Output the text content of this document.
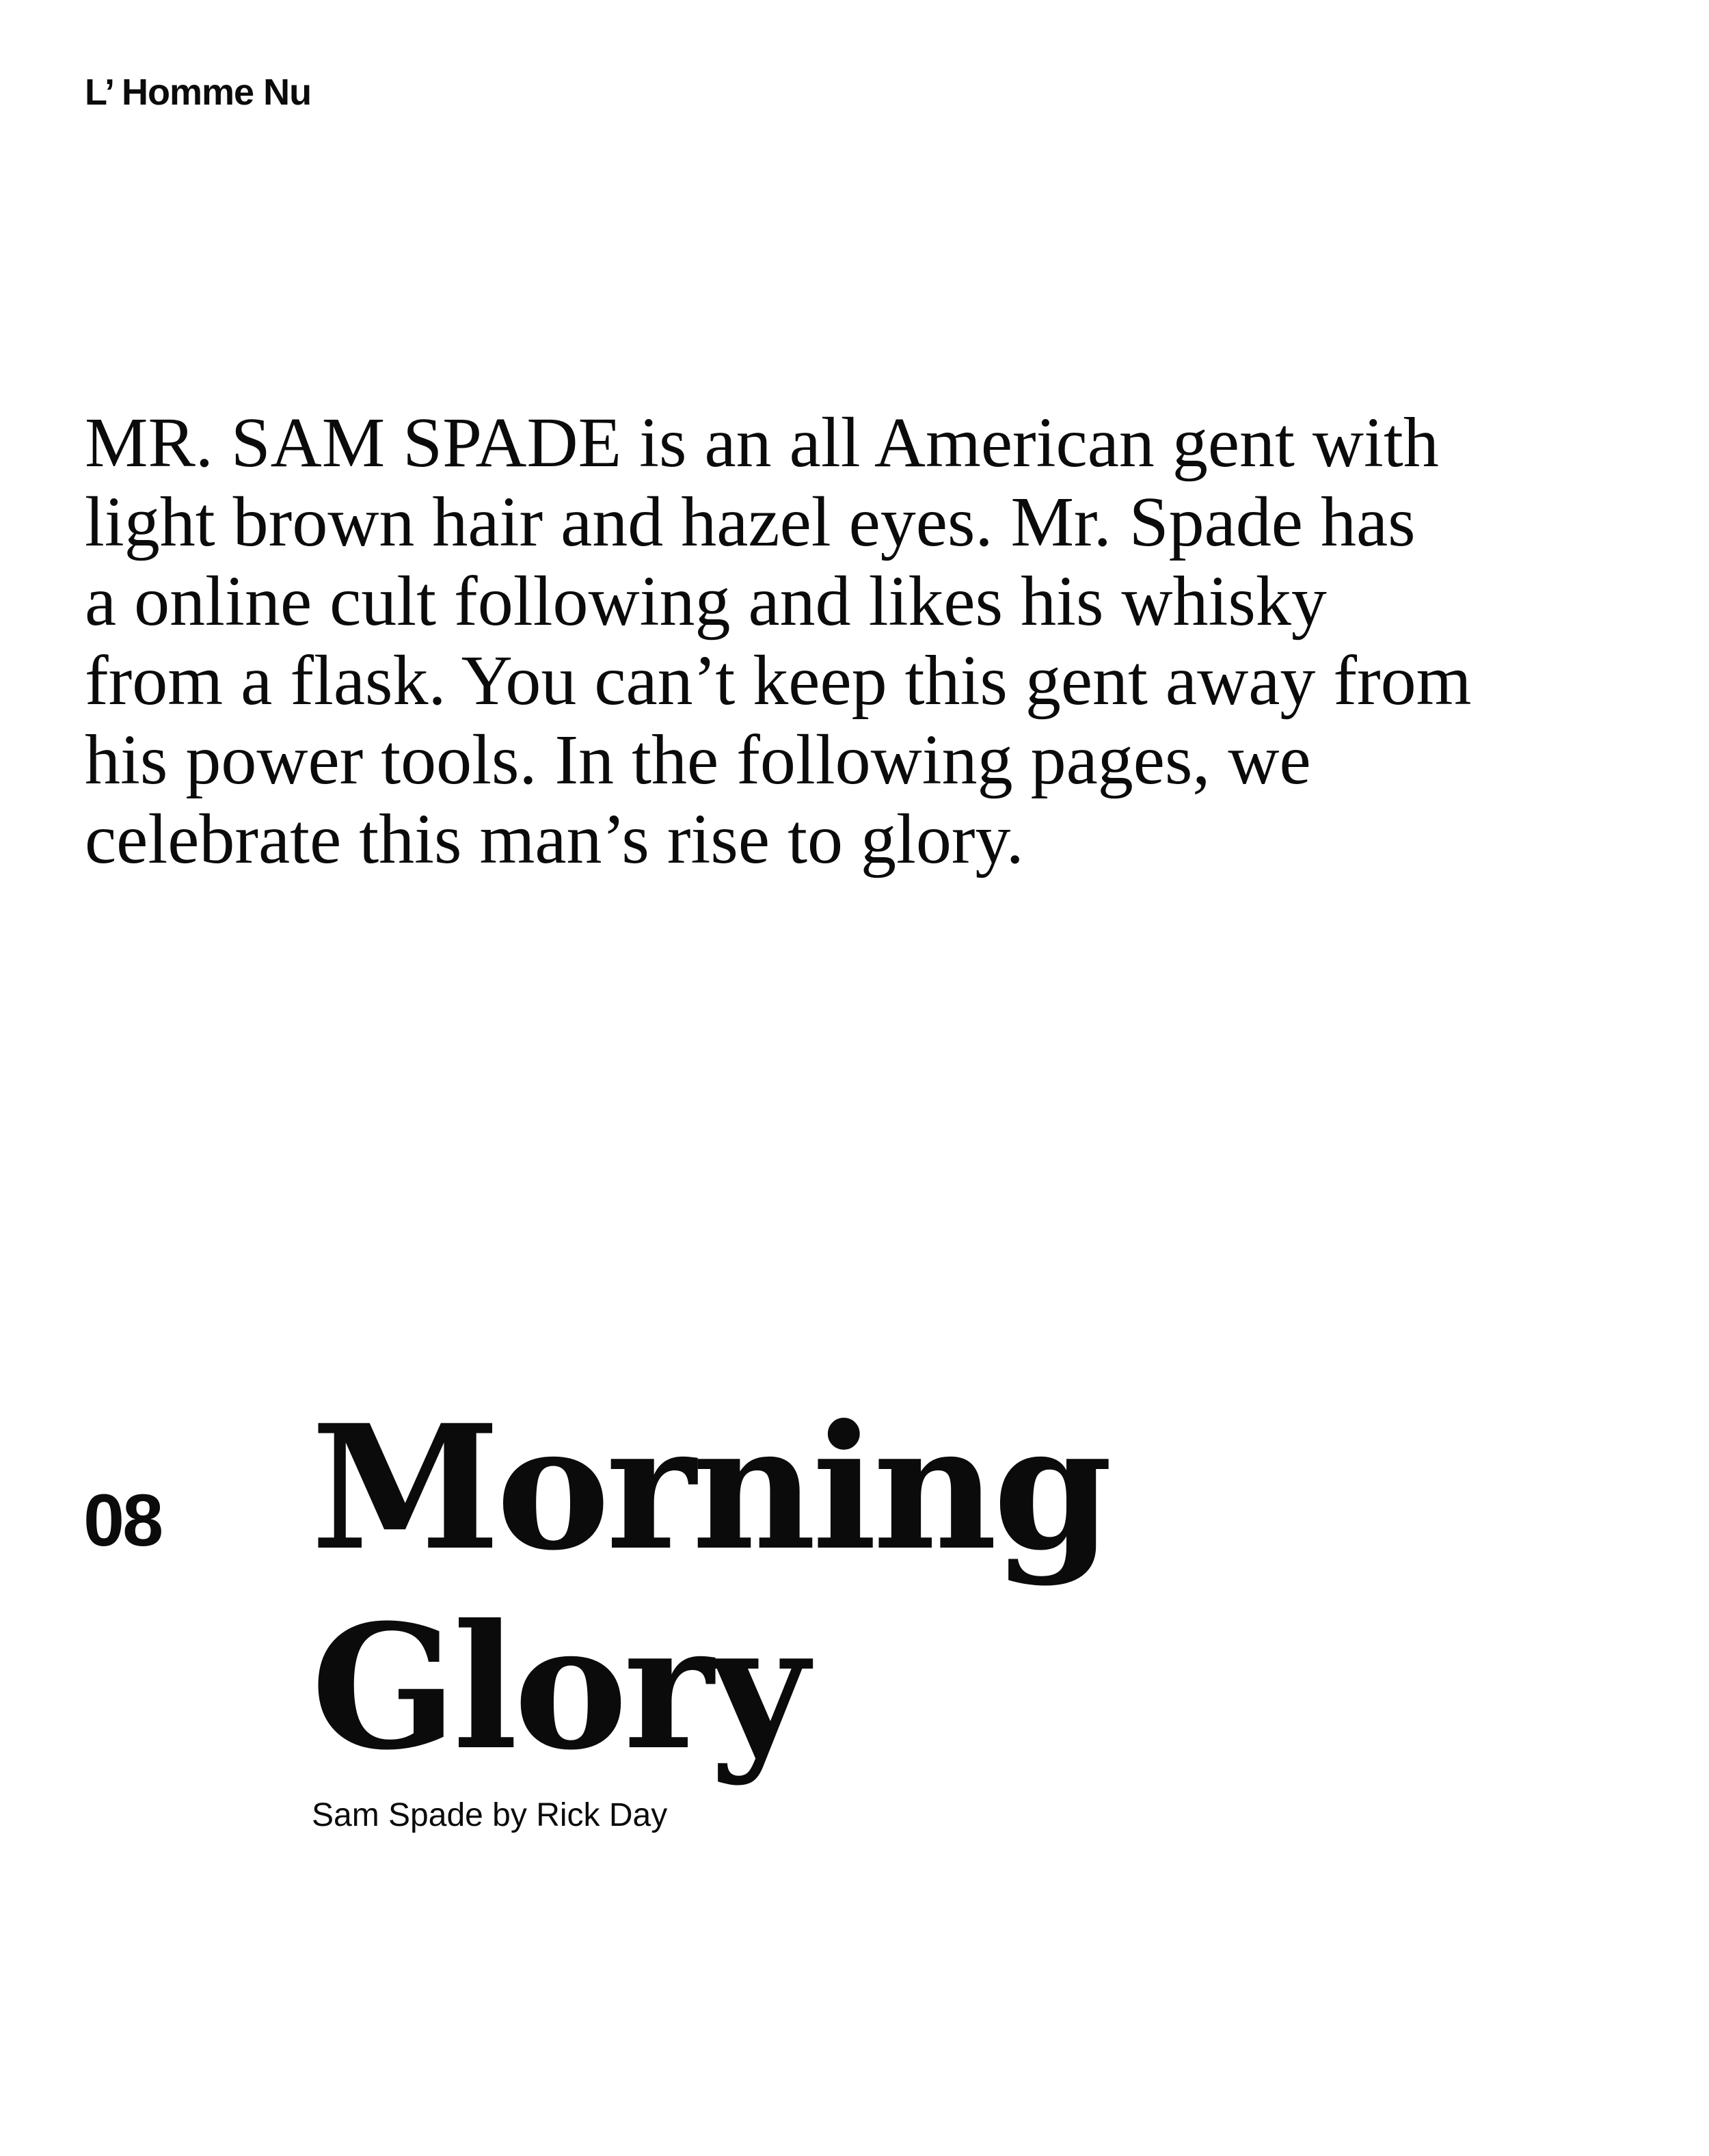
L’ Homme Nu
MR. SAM SPADE is an all American gent with
light brown hair and hazel eyes. Mr. Spade has
a online cult following and likes his whisky
from a flask. You can’t keep this gent away from
his power tools. In the following pages, we
celebrate this man’s rise to glory.
08 Morning
Glory
Sam Spade by Rick Day
